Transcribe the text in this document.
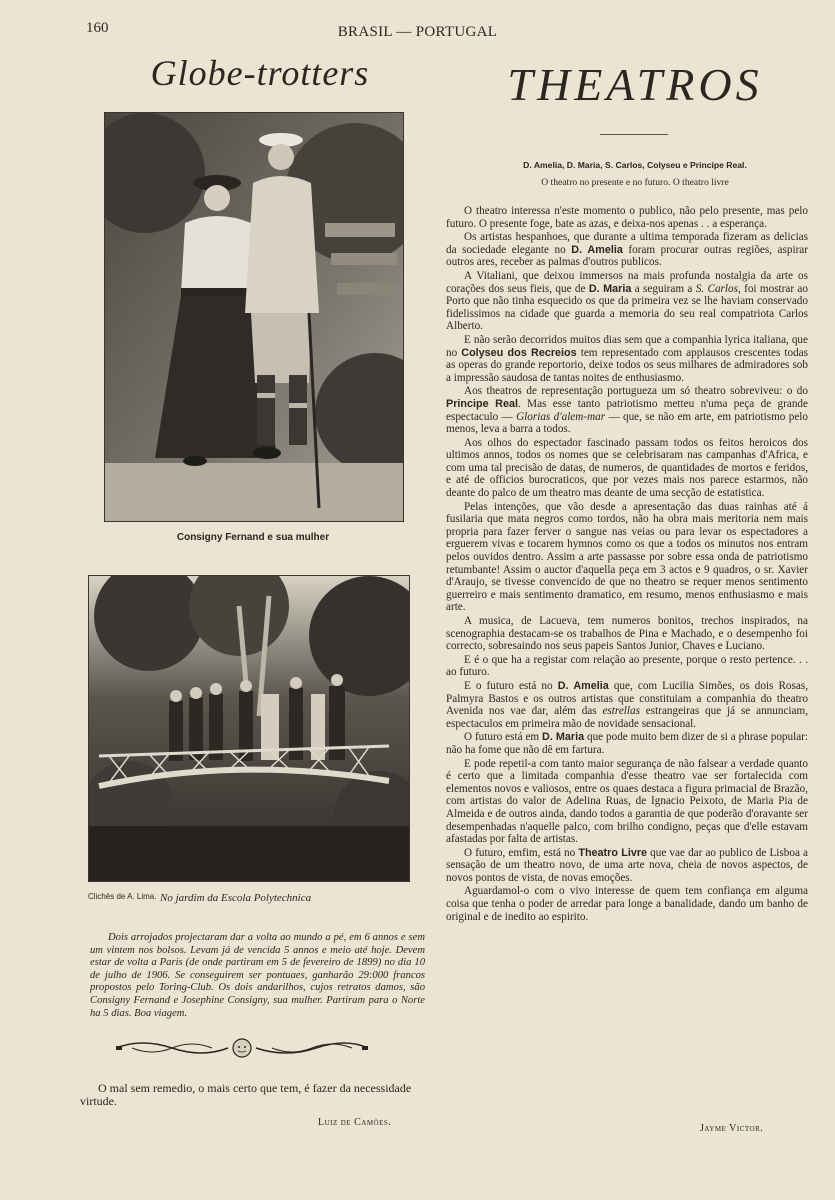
160	BRASIL — PORTUGAL
Globe-trotters	THEATROS
Consigny Fernand e sua mulher
Clichés de A. Lima. No jardim da Escola Polytechnica
Dois arrojados projectaram dar a volta ao mundo a pé, em 6 annos e sem um vintem nos bolsos. Levam já de vencida 5 annos e meio até hoje. Devem estar de volta a Paris (de onde partiram em 5 de fevereiro de 1899) no dia 10 de julho de 1906. Se conseguirem ser pontuaes, ganharão 29:000 francos propostos pelo Toring-Club. Os dois andarilhos, cujos retratos damos, são Consigny Fernand e Josephine Consigny, sua mulher. Partiram para o Norte ha 5 dias. Boa viagem.
O mal sem remedio, o mais certo que tem, é fazer da necessidade virtude.
Luiz de Camões.
D. Amelia, D. Maria, S. Carlos, Colyseu e Principe Real.
O theatro no presente e no futuro. O theatro livre

O theatro interessa n'este momento o publico, não pelo presente, mas pelo futuro. O presente foge, bate as azas, e deixa-nos apenas . . a esperança.

Os artistas hespanhoes, que durante a ultima temporada fizeram as delicias da sociedade elegante no D. Amelia foram procurar outras regiões, aspirar outros ares, receber as palmas d'outros publicos.

A Vitaliani, que deixou immersos na mais profunda nostalgia da arte os corações dos seus fieis, que de D. Maria a seguiram a S. Carlos, foi mostrar ao Porto que não tinha esquecido os que da primeira vez se lhe haviam conservado fidelissimos na cidade que guarda a memoria do seu real compatriota Carlos Alberto.

E não serão decorridos muitos dias sem que a companhia lyrica italiana, que no Colyseu dos Recreios tem representado com applausos crescentes todas as operas do grande reportorio, deixe todos os seus milhares de admiradores sob a impressão saudosa de tantas noites de enthusiasmo.

Aos theatros de representação portugueza um só theatro sobreviveu: o do Principe Real. Mas esse tanto patriotismo metteu n'uma peça de grande espectaculo — Glorias d'alem-mar — que, se não em arte, em patriotismo pelo menos, leva a barra a todos.

Aos olhos do espectador fascinado passam todos os feitos heroicos dos ultimos annos, todos os nomes que se celebrisaram nas campanhas d'Africa, e com uma tal precisão de datas, de numeros, de quantidades de mortos e feridos, e até de officios burocraticos, que por vezes mais nos parece estarmos, não deante do palco de um theatro mas deante de uma secção de estatistica.

Pelas intenções, que vão desde a apresentação das duas rainhas até á fusilaria que mata negros como tordos, não ha obra mais meritoria nem mais propria para fazer ferver o sangue nas veias ou para levar os espectadores a erguerem vivas e tocarem hymnos como os que a todos os minutos nos entram pelos ouvidos dentro. Assim a arte passasse por sobre essa onda de patriotismo retumbante! Assim o auctor d'aquella peça em 3 actos e 9 quadros, o sr. Xavier d'Araujo, se tivesse convencido de que no theatro se requer menos sentimento guerreiro e mais sentimento dramatico, em resumo, menos enthusiasmo e mais arte.

A musica, de Lacueva, tem numeros bonitos, trechos inspirados, na scenographia destacam-se os trabalhos de Pina e Machado, e o desempenho foi correcto, sobresaindo nos seus papeis Santos Junior, Chaves e Luciano.

E é o que ha a registar com relação ao presente, porque o resto pertence. . . ao futuro.

E o futuro está no D. Amelia que, com Lucilia Simões, os dois Rosas, Palmyra Bastos e os outros artistas que constituiam a companhia do theatro Avenida nos vae dar, além das estrellas estrangeiras que já se annunciam, espectaculos em primeira mão de novidade sensacional.

O futuro está em D. Maria que pode muito bem dizer de si a phrase popular: não ha fome que não dê em fartura.

E pode repetil-a com tanto maior segurança de não falsear a verdade quanto é certo que a limitada companhia d'esse theatro vae ser fortalecida com elementos novos e valiosos, entre os quaes destaca a figura primacial de Brazão, com artistas do valor de Adelina Ruas, de Ignacio Peixoto, de Maria Pia de Almeida e de outros ainda, dando todos a garantia de que poderão d'oravante ser desempenhadas n'aquelle palco, com brilho condigno, peças que d'elle estavam afastadas por falta de artistas.

O futuro, emfim, está no Theatro Livre que vae dar ao publico de Lisboa a sensação de um theatro novo, de uma arte nova, cheia de novos aspectos, de novos pontos de vista, de novas emoções.

Aguardamol-o com o vivo interesse de quem tem confiança em alguma coisa que tenha o poder de arredar para longe a banalidade, dando um banho de original e de inedito ao espirito.

Jayme Victor.
